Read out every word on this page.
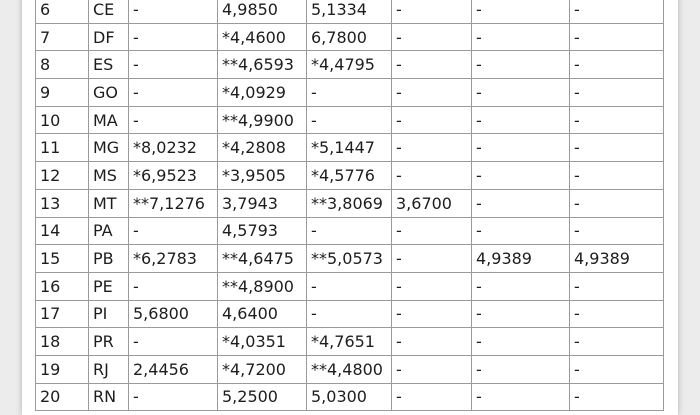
6	CE	-	4,9850	5,1334	-	-	-
7	DF	-	*4,4600	6,7800	-	-	-
8	ES	-	**4,6593	*4,4795	-	-	-
9	GO	-	*4,0929	-	-	-	-
10	MA	-	**4,9900	-	-	-	-
11	MG	*8,0232	*4,2808	*5,1447	-	-	-
12	MS	*6,9523	*3,9505	*4,5776	-	-	-
13	MT	**7,1276	3,7943	**3,8069	3,6700	-	-
14	PA	-	4,5793	-	-	-	-
15	PB	*6,2783	**4,6475	**5,0573	-	4,9389	4,9389
16	PE	-	**4,8900	-	-	-	-
17	PI	5,6800	4,6400	-	-	-	-
18	PR	-	*4,0351	*4,7651	-	-	-
19	RJ	2,4456	*4,7200	**4,4800	-	-	-
20	RN	-	5,2500	5,0300	-	-	-
